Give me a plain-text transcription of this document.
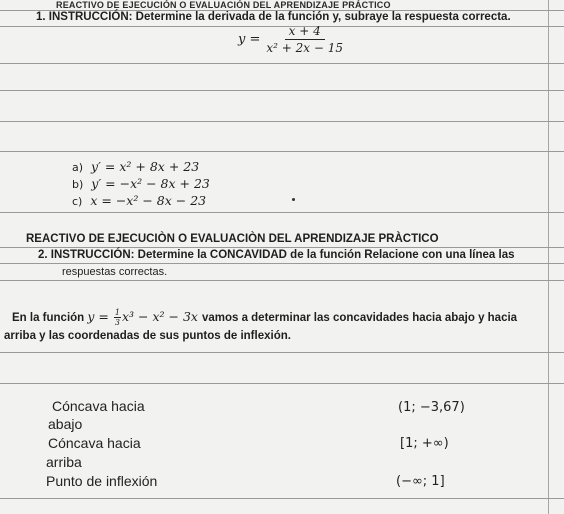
REACTIVO DE EJECUCIÓN O EVALUACIÓN DEL APRENDIZAJE PRÁCTICO
1. INSTRUCCIÓN: Determine la derivada de la función y, subraye la respuesta correcta.
$y = \frac{x + 4}{\text{x² + 2x − 15}}$
a) y′ = x² + 8x + 23
b) y′ = −x² − 8x + 23
c) x = −x² − 8x − 23
REACTIVO DE EJECUCIÒN O EVALUACIÒN DEL APRENDIZAJE PRÀCTICO
2. INSTRUCCIÓN: Determine la CONCAVIDAD de la función Relacione con una línea las
respuestas correctas.
En la función $y = \frac{1}{3} x^3 - x^2 - 3x$ vamos a determinar las concavidades hacia abajo y hacia
arriba y las coordenadas de sus puntos de inflexión.
Cóncava hacia
abajo
Cóncava hacia
arriba
Punto de inflexión
(1; −3,67)
[1; +∞)
(−∞; 1]
